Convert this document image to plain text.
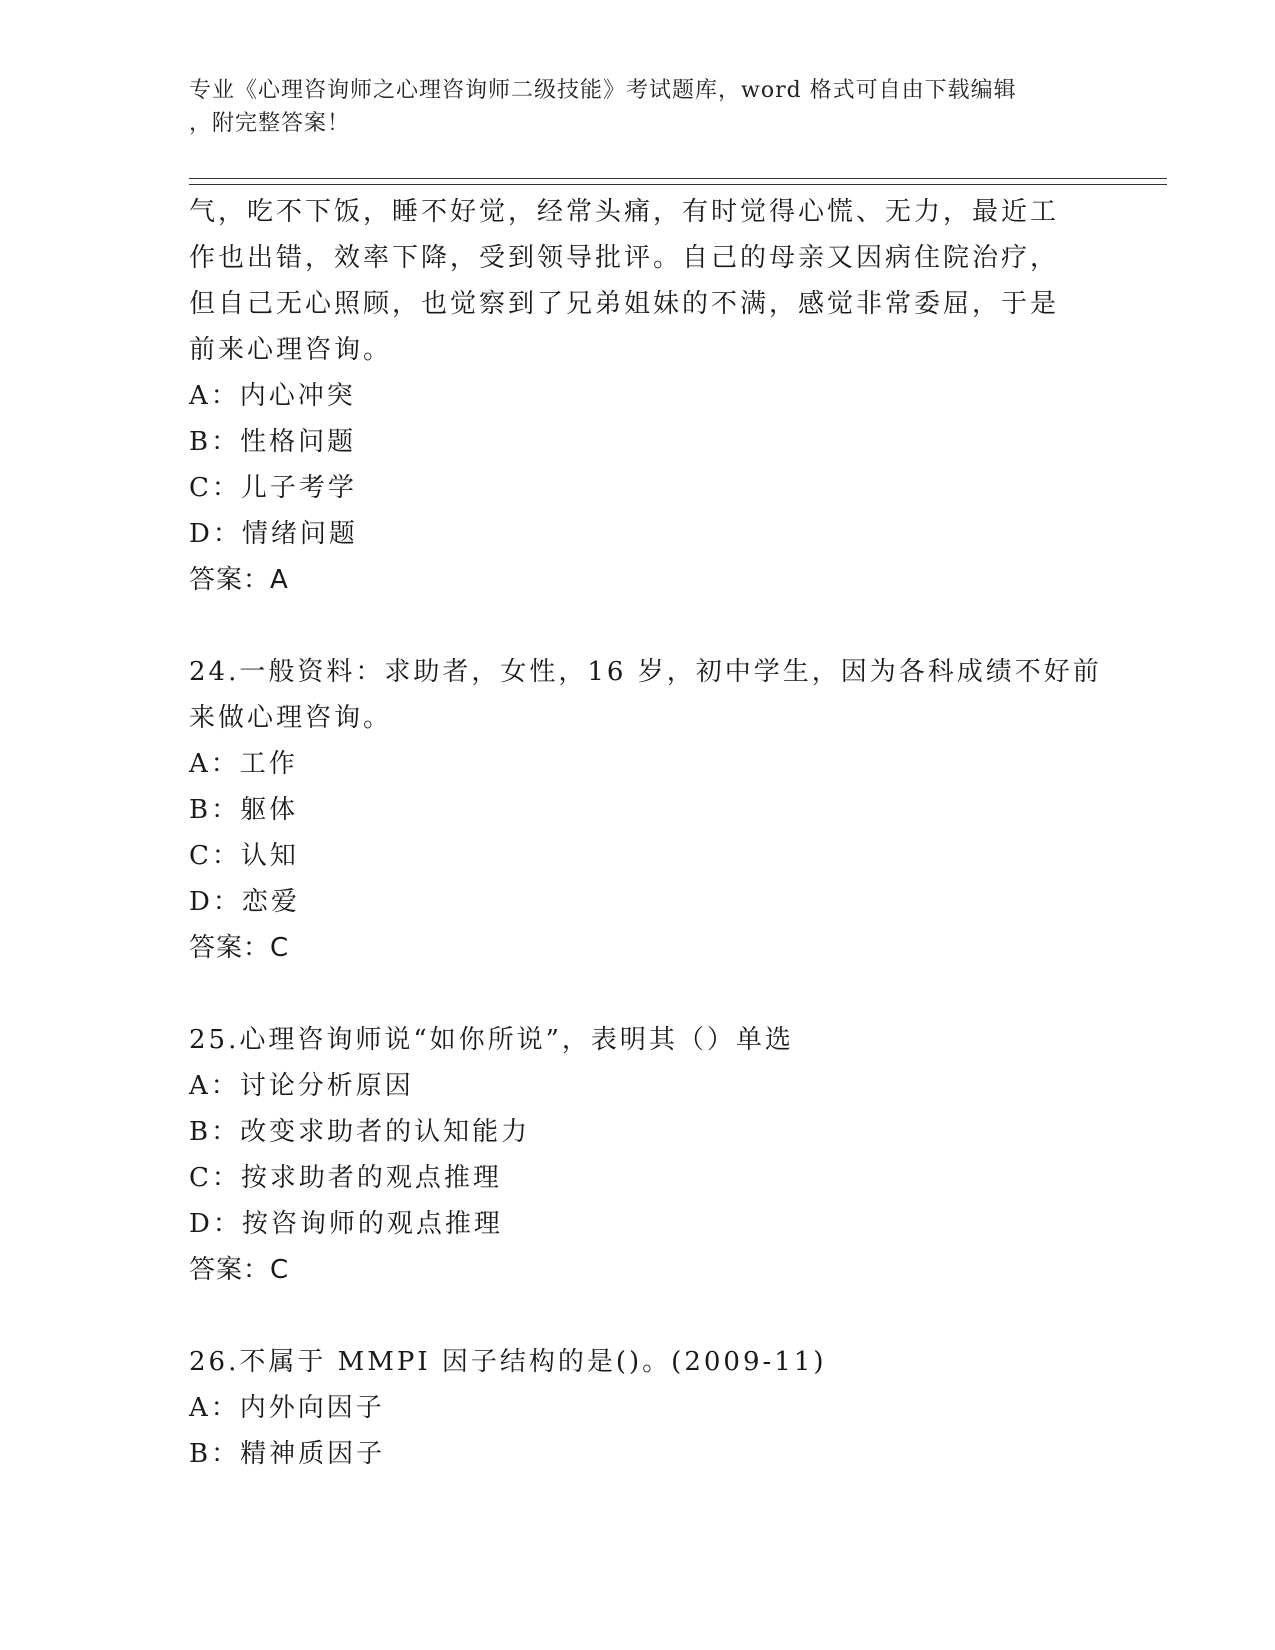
专业《心理咨询师之心理咨询师二级技能》考试题库，word 格式可自由下载编辑
，附完整答案！
气，吃不下饭，睡不好觉，经常头痛，有时觉得心慌、无力，最近工
作也出错，效率下降，受到领导批评。自己的母亲又因病住院治疗，
但自己无心照顾，也觉察到了兄弟姐妹的不满，感觉非常委屈，于是
前来心理咨询。
A：内心冲突
B：性格问题
C：儿子考学
D：情绪问题
答案：A
24.一般资料：求助者，女性，16 岁，初中学生，因为各科成绩不好前
来做心理咨询。
A：工作
B：躯体
C：认知
D：恋爱
答案：C
25.心理咨询师说“如你所说”，表明其（）单选
A：讨论分析原因
B：改变求助者的认知能力
C：按求助者的观点推理
D：按咨询师的观点推理
答案：C
26.不属于 MMPI 因子结构的是()。(2009-11)
A：内外向因子
B：精神质因子
